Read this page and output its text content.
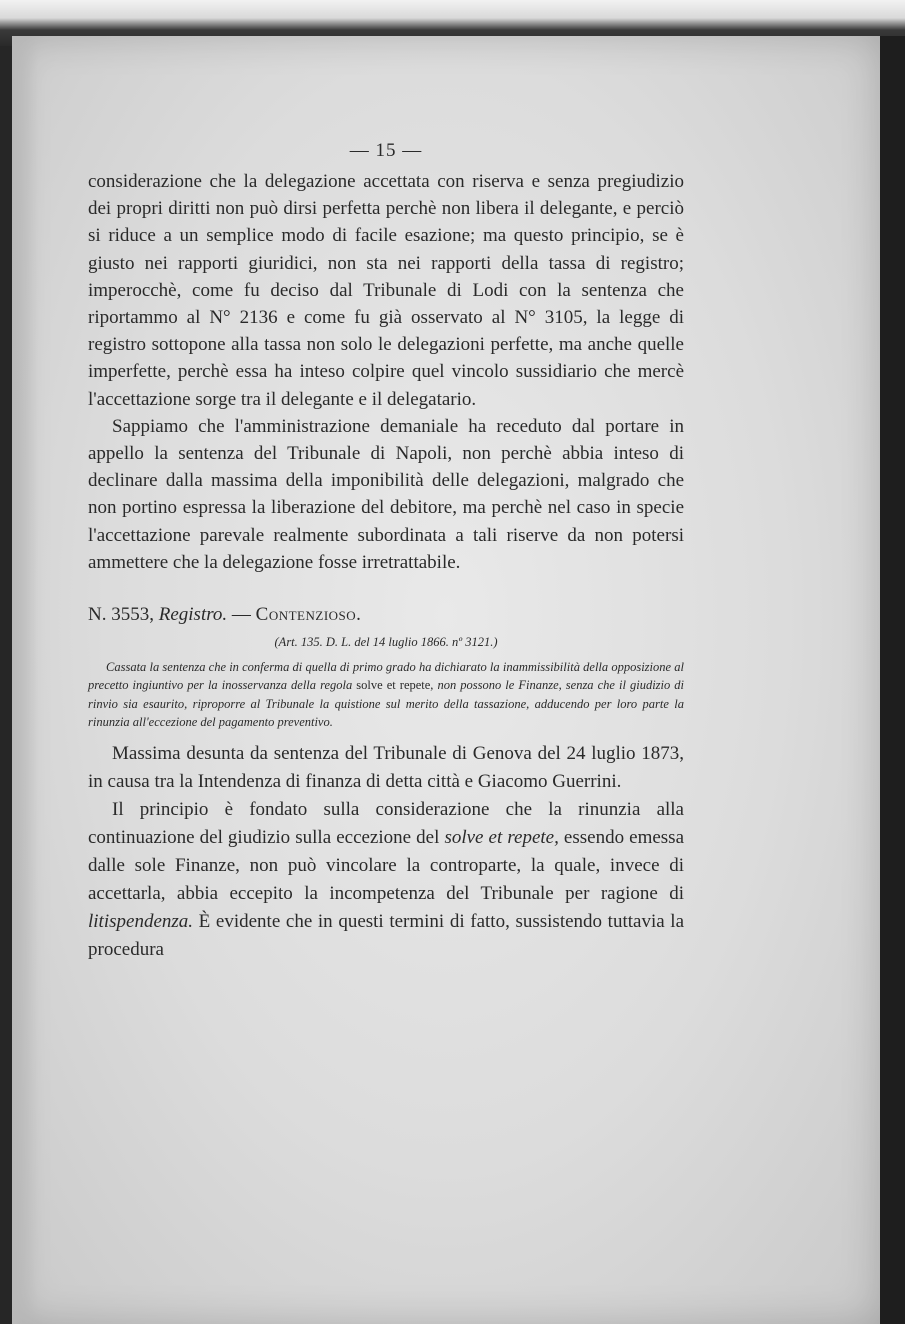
— 15 —

considerazione che la delegazione accettata con riserva e senza pregiudizio dei propri diritti non può dirsi perfetta perchè non libera il delegante, e perciò si riduce a un semplice modo di facile esazione; ma questo principio, se è giusto nei rapporti giuridici, non sta nei rapporti della tassa di registro; imperocchè, come fu deciso dal Tribunale di Lodi con la sentenza che riportammo al N° 2136 e come fu già osservato al N° 3105, la legge di registro sottopone alla tassa non solo le delegazioni perfette, ma anche quelle imperfette, perchè essa ha inteso colpire quel vincolo sussidiario che mercè l'accettazione sorge tra il delegante e il delegatario.

Sappiamo che l'amministrazione demaniale ha receduto dal portare in appello la sentenza del Tribunale di Napoli, non perchè abbia inteso di declinare dalla massima della imponibilità delle delegazioni, malgrado che non portino espressa la liberazione del debitore, ma perchè nel caso in specie l'accettazione parevale realmente subordinata a tali riserve da non potersi ammettere che la delegazione fosse irretrattabile.

N. 3553, Registro. — Contenzioso.
(Art. 135. D. L. del 14 luglio 1866. nº 3121.)

Cassata la sentenza che in conferma di quella di primo grado ha dichiarato la inammissibilità della opposizione al precetto ingiuntivo per la inosservanza della regola solve et repete, non possono le Finanze, senza che il giudizio di rinvio sia esaurito, riproporre al Tribunale la quistione sul merito della tassazione, adducendo per loro parte la rinunzia all'eccezione del pagamento preventivo.

Massima desunta da sentenza del Tribunale di Genova del 24 luglio 1873, in causa tra la Intendenza di finanza di detta città e Giacomo Guerrini.

Il principio è fondato sulla considerazione che la rinunzia alla continuazione del giudizio sulla eccezione del solve et repete, essendo emessa dalle sole Finanze, non può vincolare la controparte, la quale, invece di accettarla, abbia eccepito la incompetenza del Tribunale per ragione di litispendenza. È evidente che in questi termini di fatto, sussistendo tuttavia la procedura
